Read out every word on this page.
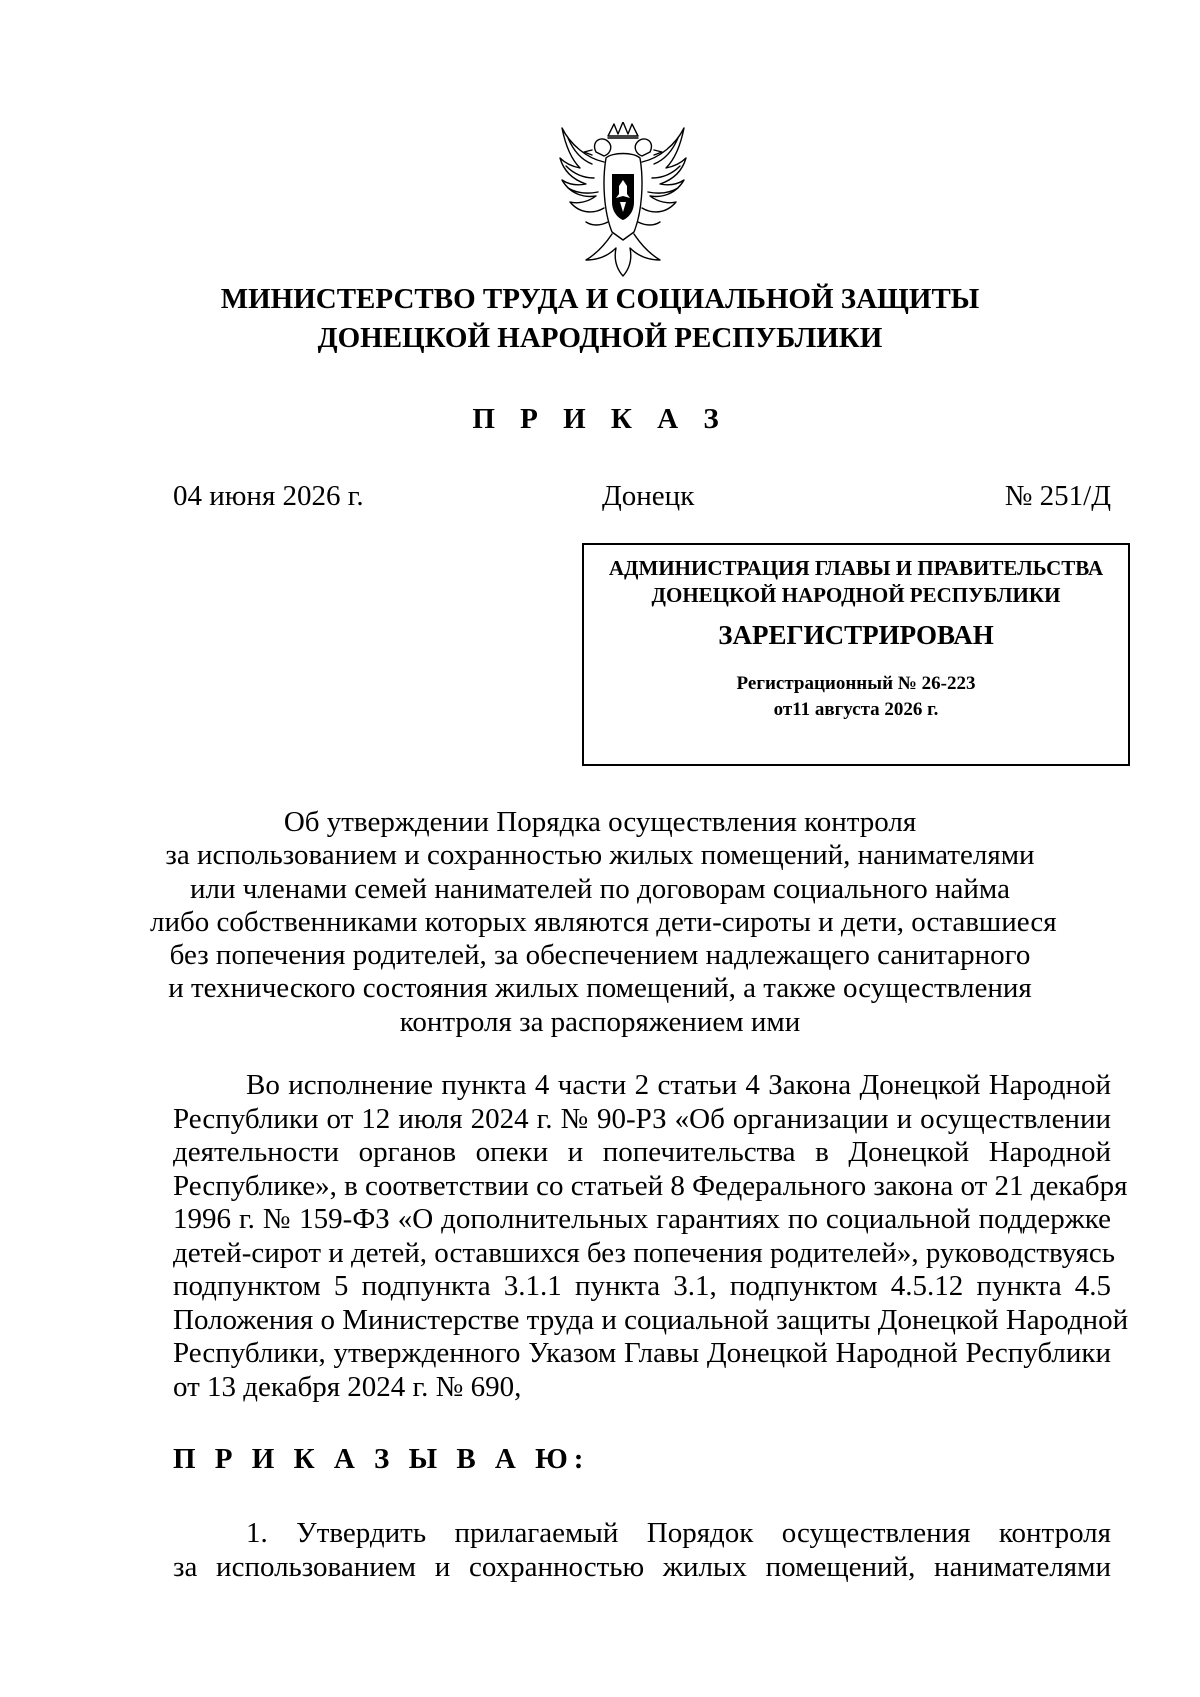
МИНИСТЕРСТВО ТРУДА И СОЦИАЛЬНОЙ ЗАЩИТЫ
ДОНЕЦКОЙ НАРОДНОЙ РЕСПУБЛИКИ
П Р И К А З
04 июня 2026 г.	Донецк	№ 251/Д
АДМИНИСТРАЦИЯ ГЛАВЫ И ПРАВИТЕЛЬСТВА
ДОНЕЦКОЙ НАРОДНОЙ РЕСПУБЛИКИ
ЗАРЕГИСТРИРОВАН
Регистрационный № 26-223
от11 августа 2026 г.
Об утверждении Порядка осуществления контроля
за использованием и сохранностью жилых помещений, нанимателями
или членами семей нанимателей по договорам социального найма
либо собственниками которых являются дети-сироты и дети, оставшиеся
без попечения родителей, за обеспечением надлежащего санитарного
и технического состояния жилых помещений, а также осуществления
контроля за распоряжением ими
Во исполнение пункта 4 части 2 статьи 4 Закона Донецкой Народной
Республики от 12 июля 2024 г. № 90-РЗ «Об организации и осуществлении
деятельности органов опеки и попечительства в Донецкой Народной
Республике», в соответствии со статьей 8 Федерального закона от 21 декабря
1996 г. № 159-ФЗ «О дополнительных гарантиях по социальной поддержке
детей-сирот и детей, оставшихся без попечения родителей», руководствуясь
подпунктом 5 подпункта 3.1.1 пункта 3.1, подпунктом 4.5.12 пункта 4.5
Положения о Министерстве труда и социальной защиты Донецкой Народной
Республики, утвержденного Указом Главы Донецкой Народной Республики
от 13 декабря 2024 г. № 690,
П Р И К А З Ы В А Ю:
1. Утвердить прилагаемый Порядок осуществления контроля
за использованием и сохранностью жилых помещений, нанимателями
